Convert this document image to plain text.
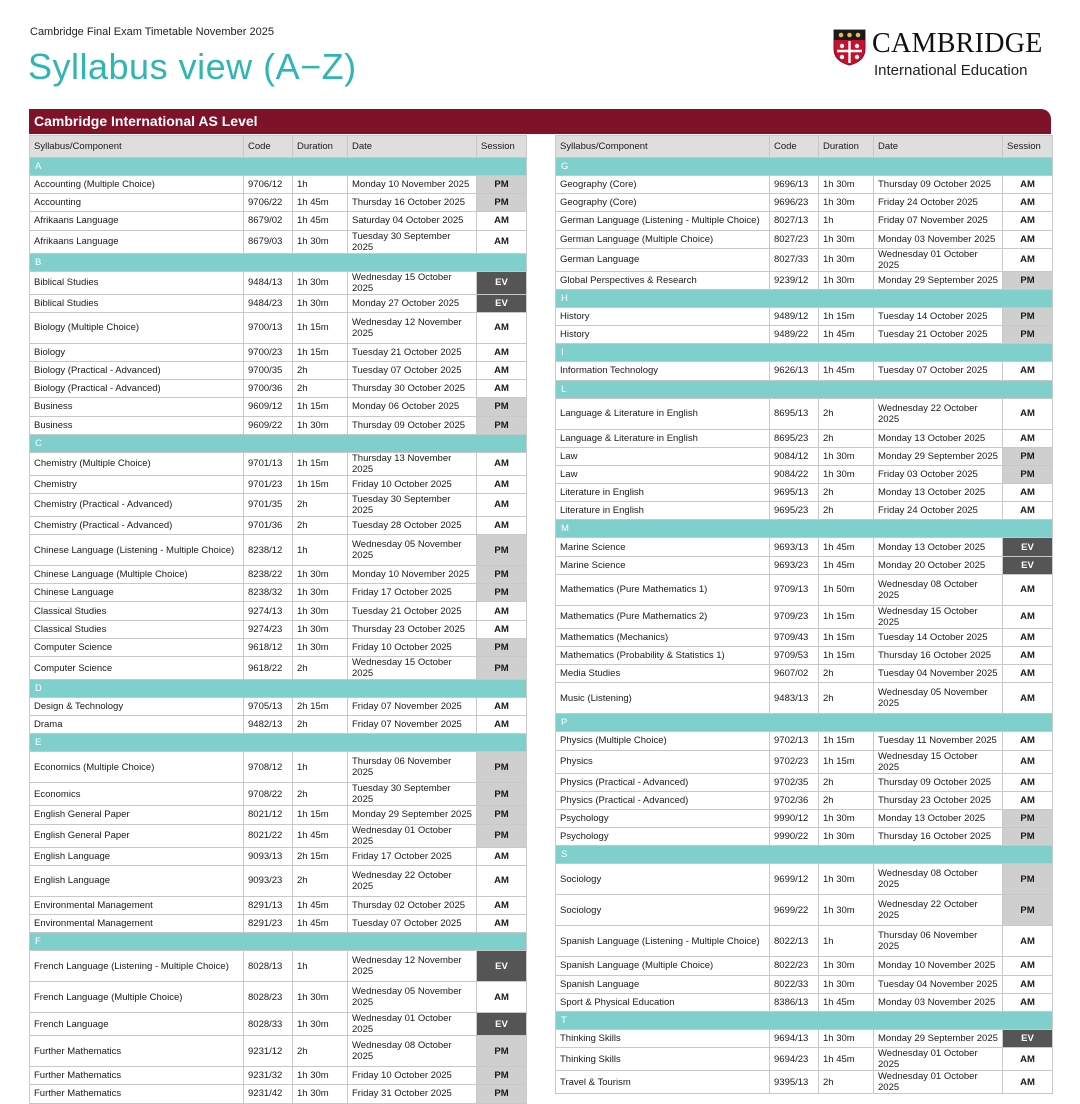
Cambridge Final Exam Timetable November 2025
Syllabus view (A−Z)
CAMBRIDGE
International Education
Cambridge International AS Level
Syllabus/Component	Code	Duration	Date	Session
A				
Accounting (Multiple Choice)	9706/12	1h	Monday 10 November 2025	PM
Accounting	9706/22	1h 45m	Thursday 16 October 2025	PM
Afrikaans Language	8679/02	1h 45m	Saturday 04 October 2025	AM
Afrikaans Language	8679/03	1h 30m	Tuesday 30 September 2025	AM
B				
Biblical Studies	9484/13	1h 30m	Wednesday 15 October 2025	EV
Biblical Studies	9484/23	1h 30m	Monday 27 October 2025	EV
Biology (Multiple Choice)	9700/13	1h 15m	Wednesday 12 November 2025	AM
Biology	9700/23	1h 15m	Tuesday 21 October 2025	AM
Biology (Practical - Advanced)	9700/35	2h	Tuesday 07 October 2025	AM
Biology (Practical - Advanced)	9700/36	2h	Thursday 30 October 2025	AM
Business	9609/12	1h 15m	Monday 06 October 2025	PM
Business	9609/22	1h 30m	Thursday 09 October 2025	PM
C				
Chemistry (Multiple Choice)	9701/13	1h 15m	Thursday 13 November 2025	AM
Chemistry	9701/23	1h 15m	Friday 10 October 2025	AM
Chemistry (Practical - Advanced)	9701/35	2h	Tuesday 30 September 2025	AM
Chemistry (Practical - Advanced)	9701/36	2h	Tuesday 28 October 2025	AM
Chinese Language (Listening - Multiple Choice)	8238/12	1h	Wednesday 05 November 2025	PM
Chinese Language (Multiple Choice)	8238/22	1h 30m	Monday 10 November 2025	PM
Chinese Language	8238/32	1h 30m	Friday 17 October 2025	PM
Classical Studies	9274/13	1h 30m	Tuesday 21 October 2025	AM
Classical Studies	9274/23	1h 30m	Thursday 23 October 2025	AM
Computer Science	9618/12	1h 30m	Friday 10 October 2025	PM
Computer Science	9618/22	2h	Wednesday 15 October 2025	PM
D				
Design & Technology	9705/13	2h 15m	Friday 07 November 2025	AM
Drama	9482/13	2h	Friday 07 November 2025	AM
E				
Economics (Multiple Choice)	9708/12	1h	Thursday 06 November 2025	PM
Economics	9708/22	2h	Tuesday 30 September 2025	PM
English General Paper	8021/12	1h 15m	Monday 29 September 2025	PM
English General Paper	8021/22	1h 45m	Wednesday 01 October 2025	PM
English Language	9093/13	2h 15m	Friday 17 October 2025	AM
English Language	9093/23	2h	Wednesday 22 October 2025	AM
Environmental Management	8291/13	1h 45m	Thursday 02 October 2025	AM
Environmental Management	8291/23	1h 45m	Tuesday 07 October 2025	AM
F				
French Language (Listening - Multiple Choice)	8028/13	1h	Wednesday 12 November 2025	EV
French Language (Multiple Choice)	8028/23	1h 30m	Wednesday 05 November 2025	AM
French Language	8028/33	1h 30m	Wednesday 01 October 2025	EV
Further Mathematics	9231/12	2h	Wednesday 08 October 2025	PM
Further Mathematics	9231/32	1h 30m	Friday 10 October 2025	PM
Further Mathematics	9231/42	1h 30m	Friday 31 October 2025	PM
Syllabus/Component	Code	Duration	Date	Session
G				
Geography (Core)	9696/13	1h 30m	Thursday 09 October 2025	AM
Geography (Core)	9696/23	1h 30m	Friday 24 October 2025	AM
German Language (Listening - Multiple Choice)	8027/13	1h	Friday 07 November 2025	AM
German Language (Multiple Choice)	8027/23	1h 30m	Monday 03 November 2025	AM
German Language	8027/33	1h 30m	Wednesday 01 October 2025	AM
Global Perspectives & Research	9239/12	1h 30m	Monday 29 September 2025	PM
H				
History	9489/12	1h 15m	Tuesday 14 October 2025	PM
History	9489/22	1h 45m	Tuesday 21 October 2025	PM
I				
Information Technology	9626/13	1h 45m	Tuesday 07 October 2025	AM
L				
Language & Literature in English	8695/13	2h	Wednesday 22 October 2025	AM
Language & Literature in English	8695/23	2h	Monday 13 October 2025	AM
Law	9084/12	1h 30m	Monday 29 September 2025	PM
Law	9084/22	1h 30m	Friday 03 October 2025	PM
Literature in English	9695/13	2h	Monday 13 October 2025	AM
Literature in English	9695/23	2h	Friday 24 October 2025	AM
M				
Marine Science	9693/13	1h 45m	Monday 13 October 2025	EV
Marine Science	9693/23	1h 45m	Monday 20 October 2025	EV
Mathematics (Pure Mathematics 1)	9709/13	1h 50m	Wednesday 08 October 2025	AM
Mathematics (Pure Mathematics 2)	9709/23	1h 15m	Wednesday 15 October 2025	AM
Mathematics (Mechanics)	9709/43	1h 15m	Tuesday 14 October 2025	AM
Mathematics (Probability & Statistics 1)	9709/53	1h 15m	Thursday 16 October 2025	AM
Media Studies	9607/02	2h	Tuesday 04 November 2025	AM
Music (Listening)	9483/13	2h	Wednesday 05 November 2025	AM
P				
Physics (Multiple Choice)	9702/13	1h 15m	Tuesday 11 November 2025	AM
Physics	9702/23	1h 15m	Wednesday 15 October 2025	AM
Physics (Practical - Advanced)	9702/35	2h	Thursday 09 October 2025	AM
Physics (Practical - Advanced)	9702/36	2h	Thursday 23 October 2025	AM
Psychology	9990/12	1h 30m	Monday 13 October 2025	PM
Psychology	9990/22	1h 30m	Thursday 16 October 2025	PM
S				
Sociology	9699/12	1h 30m	Wednesday 08 October 2025	PM
Sociology	9699/22	1h 30m	Wednesday 22 October 2025	PM
Spanish Language (Listening - Multiple Choice)	8022/13	1h	Thursday 06 November 2025	AM
Spanish Language (Multiple Choice)	8022/23	1h 30m	Monday 10 November 2025	AM
Spanish Language	8022/33	1h 30m	Tuesday 04 November 2025	AM
Sport & Physical Education	8386/13	1h 45m	Monday 03 November 2025	AM
T				
Thinking Skills	9694/13	1h 30m	Monday 29 September 2025	EV
Thinking Skills	9694/23	1h 45m	Wednesday 01 October 2025	AM
Travel & Tourism	9395/13	2h	Wednesday 01 October 2025	AM
